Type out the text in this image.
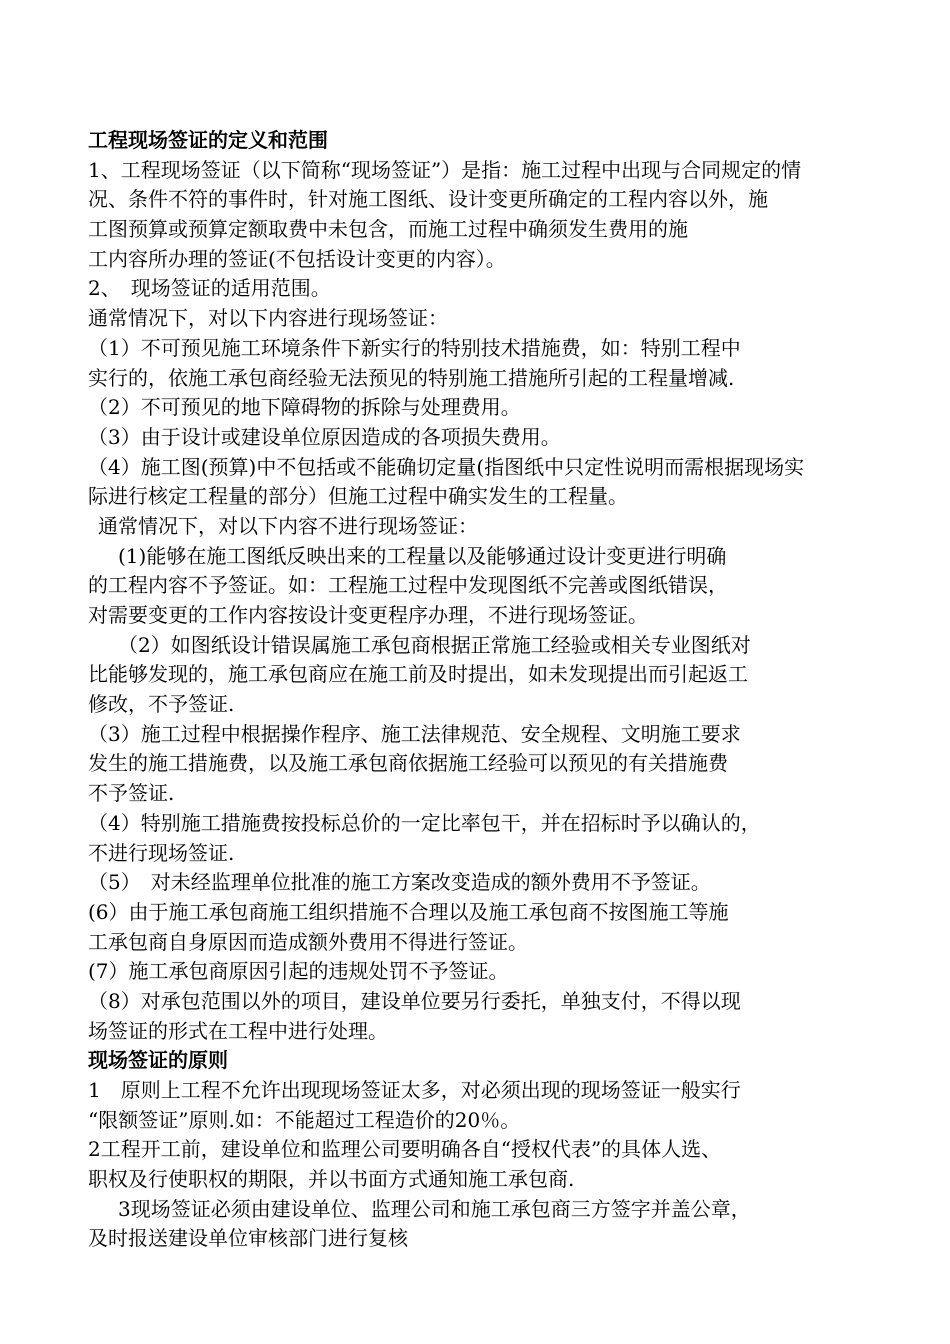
工程现场签证的定义和范围
1、工程现场签证（以下简称“现场签证”）是指：施工过程中出现与合同规定的情
况、条件不符的事件时，针对施工图纸、设计变更所确定的工程内容以外，施
工图预算或预算定额取费中未包含，而施工过程中确须发生费用的施
工内容所办理的签证(不包括设计变更的内容）。
2、　现场签证的适用范围。
通常情况下，对以下内容进行现场签证：
（1）不可预见施工环境条件下新实行的特别技术措施费，如：特别工程中
实行的，依施工承包商经验无法预见的特别施工措施所引起的工程量增减.
（2）不可预见的地下障碍物的拆除与处理费用。
（3）由于设计或建设单位原因造成的各项损失费用。
（4）施工图(预算)中不包括或不能确切定量(指图纸中只定性说明而需根据现场实
际进行核定工程量的部分）但施工过程中确实发生的工程量。
通常情况下，对以下内容不进行现场签证：
(1)能够在施工图纸反映出来的工程量以及能够通过设计变更进行明确
的工程内容不予签证。如：工程施工过程中发现图纸不完善或图纸错误，
对需要变更的工作内容按设计变更程序办理，不进行现场签证。
（2）如图纸设计错误属施工承包商根据正常施工经验或相关专业图纸对
比能够发现的，施工承包商应在施工前及时提出，如未发现提出而引起返工
修改，不予签证.
（3）施工过程中根据操作程序、施工法律规范、安全规程、文明施工要求
发生的施工措施费，以及施工承包商依据施工经验可以预见的有关措施费
不予签证.
（4）特别施工措施费按投标总价的一定比率包干，并在招标时予以确认的，
不进行现场签证.
（5）　对未经监理单位批准的施工方案改变造成的额外费用不予签证。
(6）由于施工承包商施工组织措施不合理以及施工承包商不按图施工等施
工承包商自身原因而造成额外费用不得进行签证。
(7）施工承包商原因引起的违规处罚不予签证。
（8）对承包范围以外的项目，建设单位要另行委托，单独支付，不得以现
场签证的形式在工程中进行处理。
现场签证的原则
1　原则上工程不允许出现现场签证太多，对必须出现的现场签证一般实行
“限额签证”原则.如：不能超过工程造价的20％。
2工程开工前，建设单位和监理公司要明确各自“授权代表”的具体人选、
职权及行使职权的期限，并以书面方式通知施工承包商.
3现场签证必须由建设单位、监理公司和施工承包商三方签字并盖公章，
及时报送建设单位审核部门进行复核
